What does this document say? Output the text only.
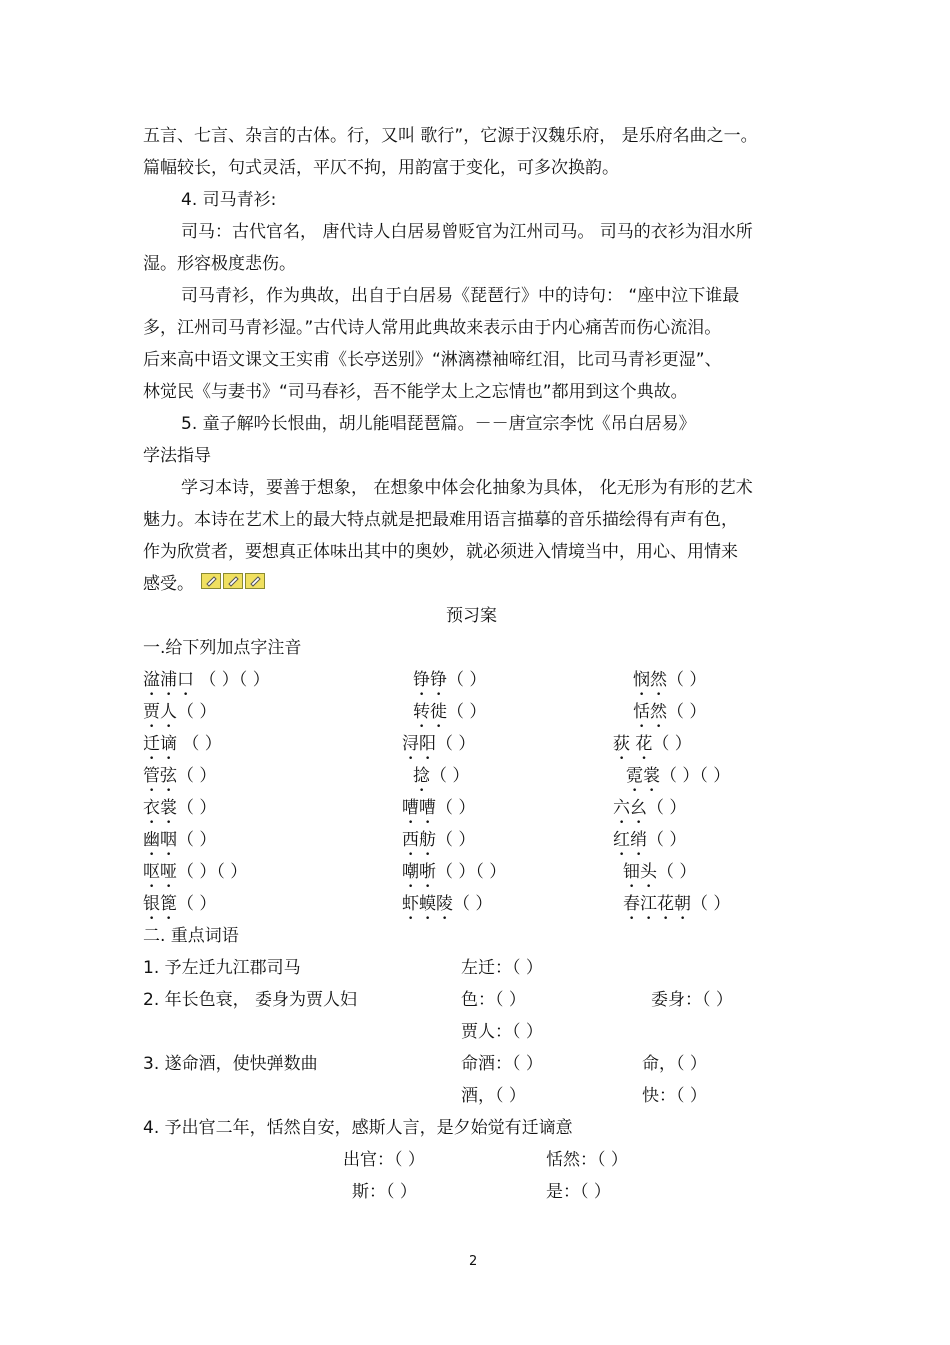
五言、七言、杂言的古体。行，又叫 歌行”，它源于汉魏乐府， 是乐府名曲之一。
篇幅较长，句式灵活，平仄不拘，用韵富于变化，可多次换韵。
4. 司马青衫:
司马：古代官名， 唐代诗人白居易曾贬官为江州司马。 司马的衣衫为泪水所
湿。形容极度悲伤。
司马青衫，作为典故，出自于白居易《琵琶行》中的诗句： “座中泣下谁最
多，江州司马青衫湿。”古代诗人常用此典故来表示由于内心痛苦而伤心流泪。
后来高中语文课文王实甫《长亭送别》“淋漓襟袖啼红泪，比司马青衫更湿”、
林觉民《与妻书》“司马春衫，吾不能学太上之忘情也”都用到这个典故。
5. 童子解吟长恨曲，胡儿能唱琵琶篇。－－唐宣宗李忱《吊白居易》
学法指导
学习本诗，要善于想象， 在想象中体会化抽象为具体， 化无形为有形的艺术
魅力。本诗在艺术上的最大特点就是把最难用语言描摹的音乐描绘得有声有色，
作为欣赏者，要想真正体味出其中的奥妙，就必须进入情境当中，用心、用情来
感受。
预习案
一.给下列加点字注音
湓浦口 （ ）（ ）	铮铮（ ）	悯然（ ）
贾人（ ）	转徙（ ）	恬然（ ）
迁谪 （ ）	浔阳（ ）	荻 花（ ）
管弦（ ）	捻（ ）	霓裳（ ）（ ）
衣裳（ ）	嘈嘈（ ）	六幺（ ）
幽咽（ ）	西舫（ ）	红绡（ ）
呕哑（ ）（ ）	嘲哳（ ）（ ）	钿头（ ）
银篦（ ）	虾蟆陵（ ）	春江花朝（ ）
二. 重点词语
1. 予左迁九江郡司马	左迁：（ ）
2. 年长色衰， 委身为贾人妇	色：（ ）	委身：（ ）
贾人：（ ）
3. 遂命酒，使快弹数曲	命酒：（ ）	命，（ ）
酒，（ ）	快：（ ）
4. 予出官二年，恬然自安，感斯人言，是夕始觉有迁谪意
出官：（ ）	恬然：（ ）
斯：（ ）	是：（ ）
2
